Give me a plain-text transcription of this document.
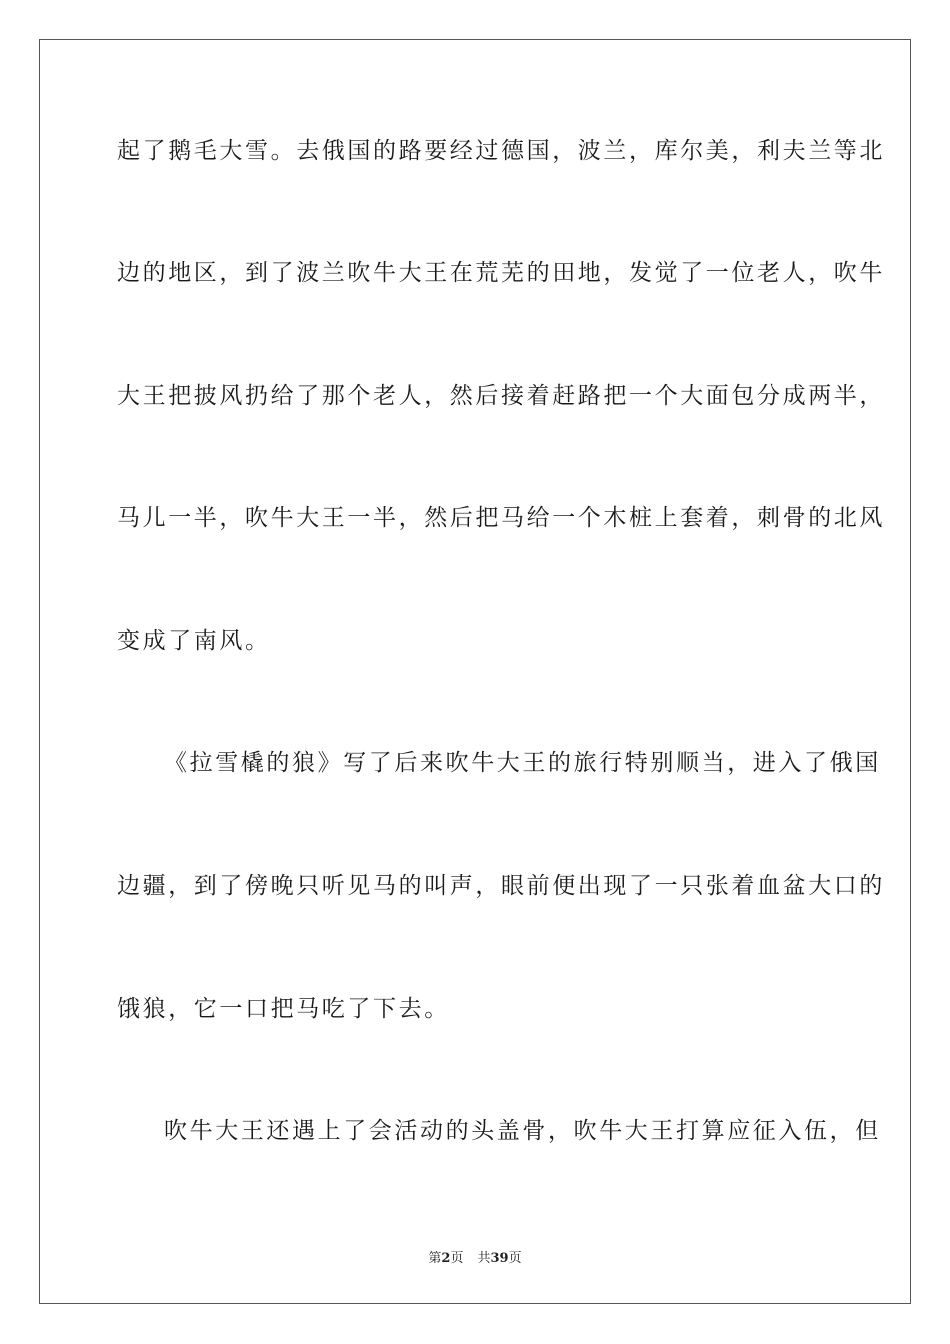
起了鹅毛大雪。去俄国的路要经过德国，波兰，库尔美，利夫兰等北
边的地区，到了波兰吹牛大王在荒芜的田地，发觉了一位老人，吹牛
大王把披风扔给了那个老人，然后接着赶路把一个大面包分成两半，
马儿一半，吹牛大王一半，然后把马给一个木桩上套着，刺骨的北风
变成了南风。
《拉雪橇的狼》写了后来吹牛大王的旅行特别顺当，进入了俄国
边疆，到了傍晚只听见马的叫声，眼前便出现了一只张着血盆大口的
饿狼，它一口把马吃了下去。
吹牛大王还遇上了会活动的头盖骨，吹牛大王打算应征入伍，但
第2页 共39页
